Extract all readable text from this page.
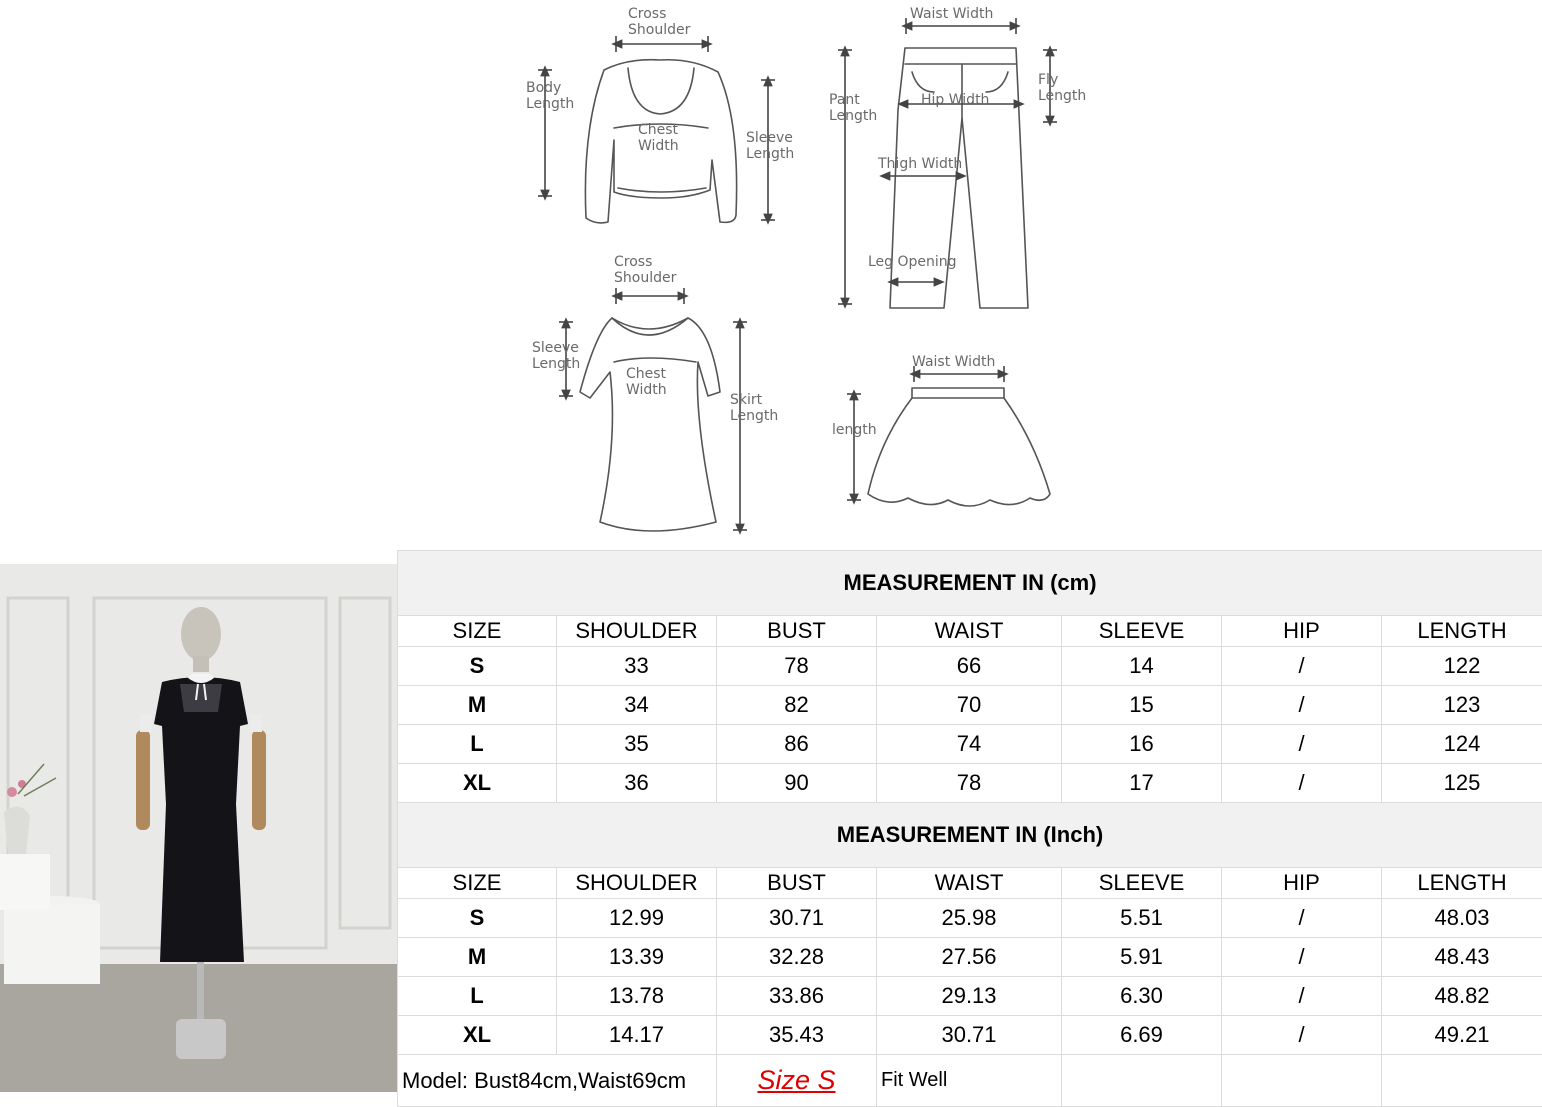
Cross
Shoulder
Body
Length
Chest
Width	Sleeve
Length
Waist Width
Pant
Length
Hip Width
Fly
Length
Thigh Width
Leg Opening
Cross
Shoulder
Sleeve
Length
Chest
Width
Skirt
Length
Waist Width
length
MEASUREMENT IN (cm)						
SIZE	SHOULDER	BUST	WAIST	SLEEVE	HIP	LENGTH
S	33	78	66	14	/	122
M	34	82	70	15	/	123
L	35	86	74	16	/	124
XL	36	90	78	17	/	125
MEASUREMENT IN (Inch)						
SIZE	SHOULDER	BUST	WAIST	SLEEVE	HIP	LENGTH
S	12.99	30.71	25.98	5.51	/	48.03
M	13.39	32.28	27.56	5.91	/	48.43
L	13.78	33.86	29.13	6.30	/	48.82
XL	14.17	35.43	30.71	6.69	/	49.21
Model: Bust84cm,Waist69cm		Size S	Fit Well			
